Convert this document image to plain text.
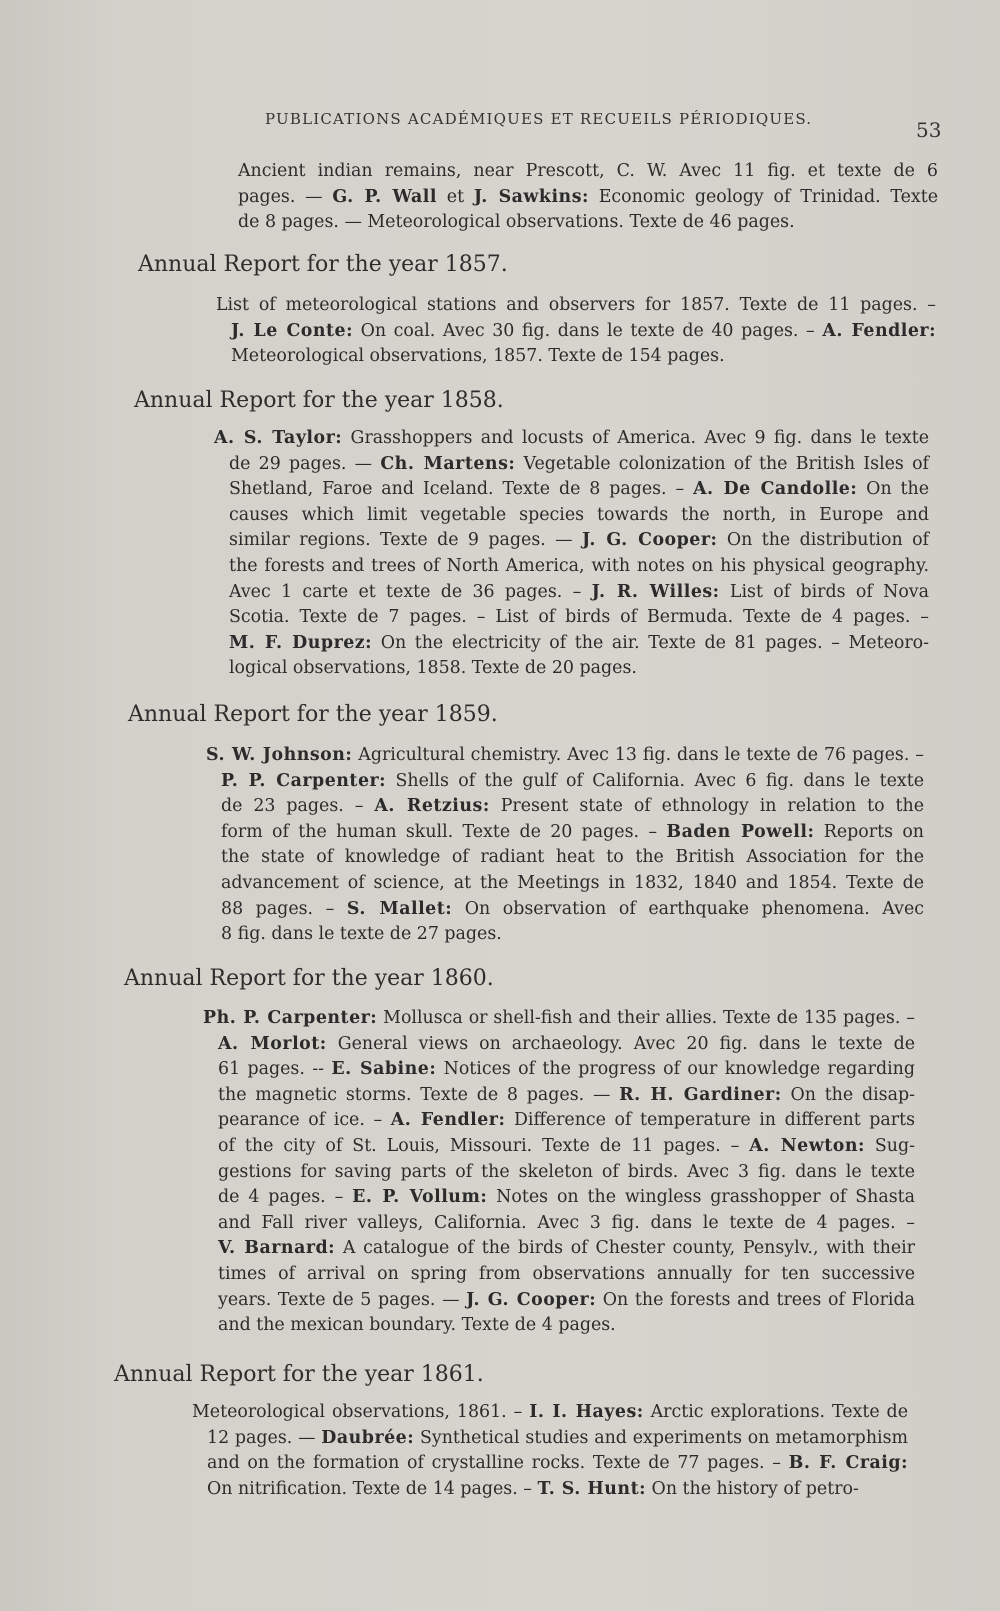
PUBLICATIONS ACADÉMIQUES ET RECUEILS PÉRIODIQUES.	53
Ancient indian remains, near Prescott, C. W. Avec 11 fig. et texte de 6
pages. — G. P. Wall et J. Sawkins: Economic geology of Trinidad. Texte
de 8 pages. — Meteorological observations. Texte de 46 pages.
Annual Report for the year 1857.
List of meteorological stations and observers for 1857. Texte de 11 pages. –
J. Le Conte: On coal. Avec 30 fig. dans le texte de 40 pages. – A. Fendler:
Meteorological observations, 1857. Texte de 154 pages.
Annual Report for the year 1858.
A. S. Taylor: Grasshoppers and locusts of America. Avec 9 fig. dans le texte
de 29 pages. — Ch. Martens: Vegetable colonization of the British Isles of
Shetland, Faroe and Iceland. Texte de 8 pages. – A. De Candolle: On the
causes which limit vegetable species towards the north, in Europe and
similar regions. Texte de 9 pages. — J. G. Cooper: On the distribution of
the forests and trees of North America, with notes on his physical geography.
Avec 1 carte et texte de 36 pages. – J. R. Willes: List of birds of Nova
Scotia. Texte de 7 pages. – List of birds of Bermuda. Texte de 4 pages. –
M. F. Duprez: On the electricity of the air. Texte de 81 pages. – Meteoro-
logical observations, 1858. Texte de 20 pages.
Annual Report for the year 1859.
S. W. Johnson: Agricultural chemistry. Avec 13 fig. dans le texte de 76 pages. –
P. P. Carpenter: Shells of the gulf of California. Avec 6 fig. dans le texte
de 23 pages. – A. Retzius: Present state of ethnology in relation to the
form of the human skull. Texte de 20 pages. – Baden Powell: Reports on
the state of knowledge of radiant heat to the British Association for the
advancement of science, at the Meetings in 1832, 1840 and 1854. Texte de
88 pages. – S. Mallet: On observation of earthquake phenomena. Avec
8 fig. dans le texte de 27 pages.
Annual Report for the year 1860.
Ph. P. Carpenter: Mollusca or shell-fish and their allies. Texte de 135 pages. –
A. Morlot: General views on archaeology. Avec 20 fig. dans le texte de
61 pages. -- E. Sabine: Notices of the progress of our knowledge regarding
the magnetic storms. Texte de 8 pages. — R. H. Gardiner: On the disap-
pearance of ice. – A. Fendler: Difference of temperature in different parts
of the city of St. Louis, Missouri. Texte de 11 pages. – A. Newton: Sug-
gestions for saving parts of the skeleton of birds. Avec 3 fig. dans le texte
de 4 pages. – E. P. Vollum: Notes on the wingless grasshopper of Shasta
and Fall river valleys, California. Avec 3 fig. dans le texte de 4 pages. –
V. Barnard: A catalogue of the birds of Chester county, Pensylv., with their
times of arrival on spring from observations annually for ten successive
years. Texte de 5 pages. — J. G. Cooper: On the forests and trees of Florida
and the mexican boundary. Texte de 4 pages.
Annual Report for the year 1861.
Meteorological observations, 1861. – I. I. Hayes: Arctic explorations. Texte de
12 pages. — Daubrée: Synthetical studies and experiments on metamorphism
and on the formation of crystalline rocks. Texte de 77 pages. – B. F. Craig:
On nitrification. Texte de 14 pages. – T. S. Hunt: On the history of petro-
